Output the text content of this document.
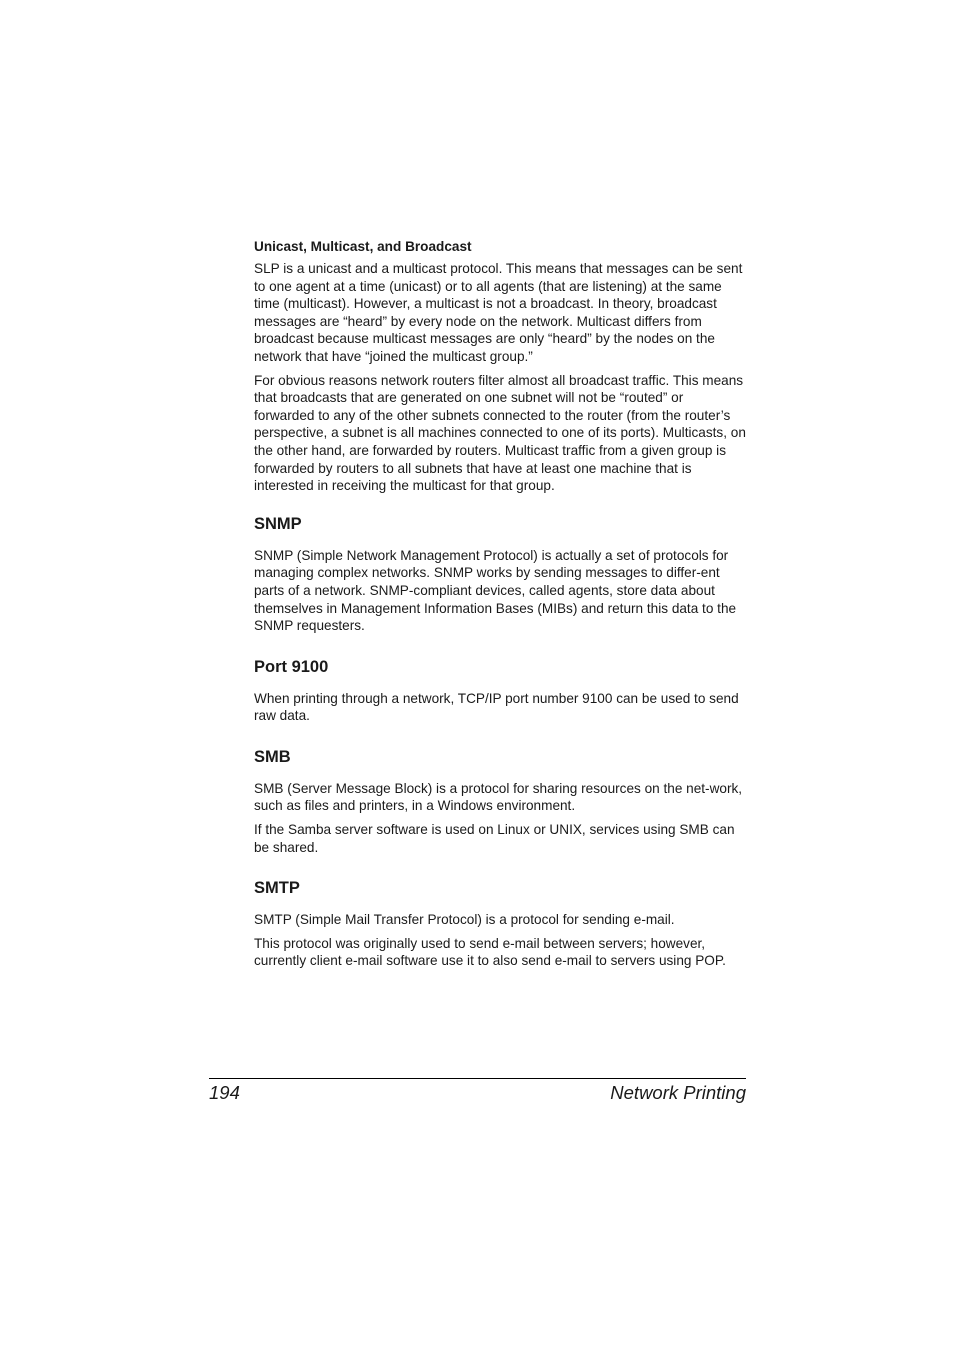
Unicast, Multicast, and Broadcast

SLP is a unicast and a multicast protocol. This means that messages can be sent to one agent at a time (unicast) or to all agents (that are listening) at the same time (multicast). However, a multicast is not a broadcast. In theory, broadcast messages are “heard” by every node on the network. Multicast differs from broadcast because multicast messages are only “heard” by the nodes on the network that have “joined the multicast group.”

For obvious reasons network routers filter almost all broadcast traffic. This means that broadcasts that are generated on one subnet will not be “routed” or forwarded to any of the other subnets connected to the router (from the router’s perspective, a subnet is all machines connected to one of its ports). Multicasts, on the other hand, are forwarded by routers. Multicast traffic from a given group is forwarded by routers to all subnets that have at least one machine that is interested in receiving the multicast for that group.

SNMP

SNMP (Simple Network Management Protocol) is actually a set of protocols for managing complex networks. SNMP works by sending messages to differ-ent parts of a network. SNMP-compliant devices, called agents, store data about themselves in Management Information Bases (MIBs) and return this data to the SNMP requesters.

Port 9100

When printing through a network, TCP/IP port number 9100 can be used to send raw data.

SMB

SMB (Server Message Block) is a protocol for sharing resources on the net-work, such as files and printers, in a Windows environment.

If the Samba server software is used on Linux or UNIX, services using SMB can be shared.

SMTP

SMTP (Simple Mail Transfer Protocol) is a protocol for sending e-mail.

This protocol was originally used to send e-mail between servers; however, currently client e-mail software use it to also send e-mail to servers using POP.

194	Network Printing
